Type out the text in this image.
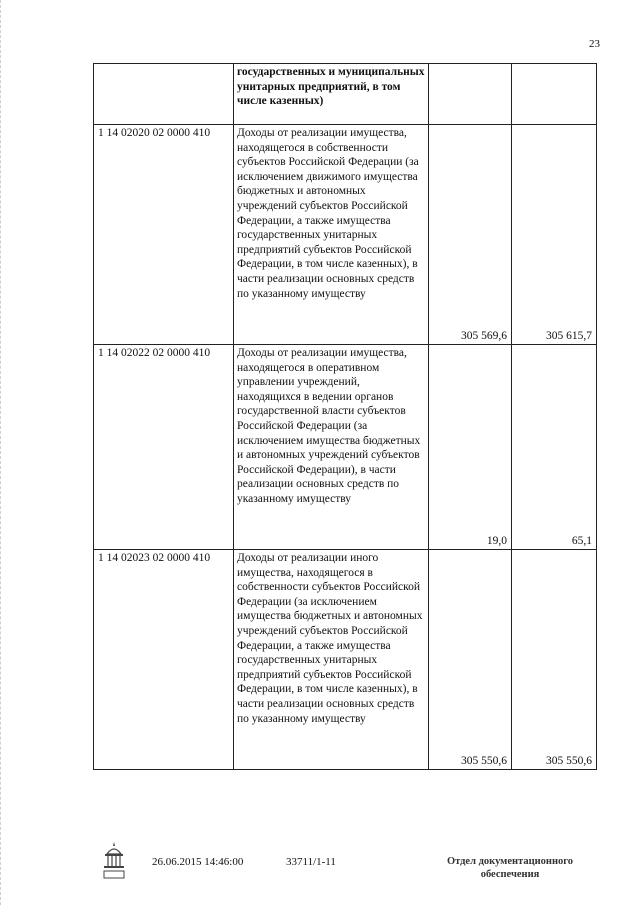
23
	государственных и муниципальных унитарных предприятий, в том числе казенных)		
1 14 02020 02 0000 410	Доходы от реализации имущества, находящегося в собственности субъектов Российской Федерации (за исключением движимого имущества бюджетных и автономных учреждений субъектов Российской Федерации, а также имущества государственных унитарных предприятий субъектов Российской Федерации, в том числе казенных), в части реализации основных средств по указанному имуществу	305 569,6	305 615,7
1 14 02022 02 0000 410	Доходы от реализации имущества, находящегося в оперативном управлении учреждений, находящихся в ведении органов государственной власти субъектов Российской Федерации (за исключением имущества бюджетных и автономных учреждений субъектов Российской Федерации), в части реализации основных средств по указанному имуществу	19,0	65,1
1 14 02023 02 0000 410	Доходы от реализации иного имущества, находящегося в собственности субъектов Российской Федерации (за исключением имущества бюджетных и автономных учреждений субъектов Российской Федерации, а также имущества государственных унитарных предприятий субъектов Российской Федерации, в том числе казенных), в части реализации основных средств по указанному имуществу	305 550,6	305 550,6
26.06.2015 14:46:00	33711/1-11	Отдел документационного обеспечения
